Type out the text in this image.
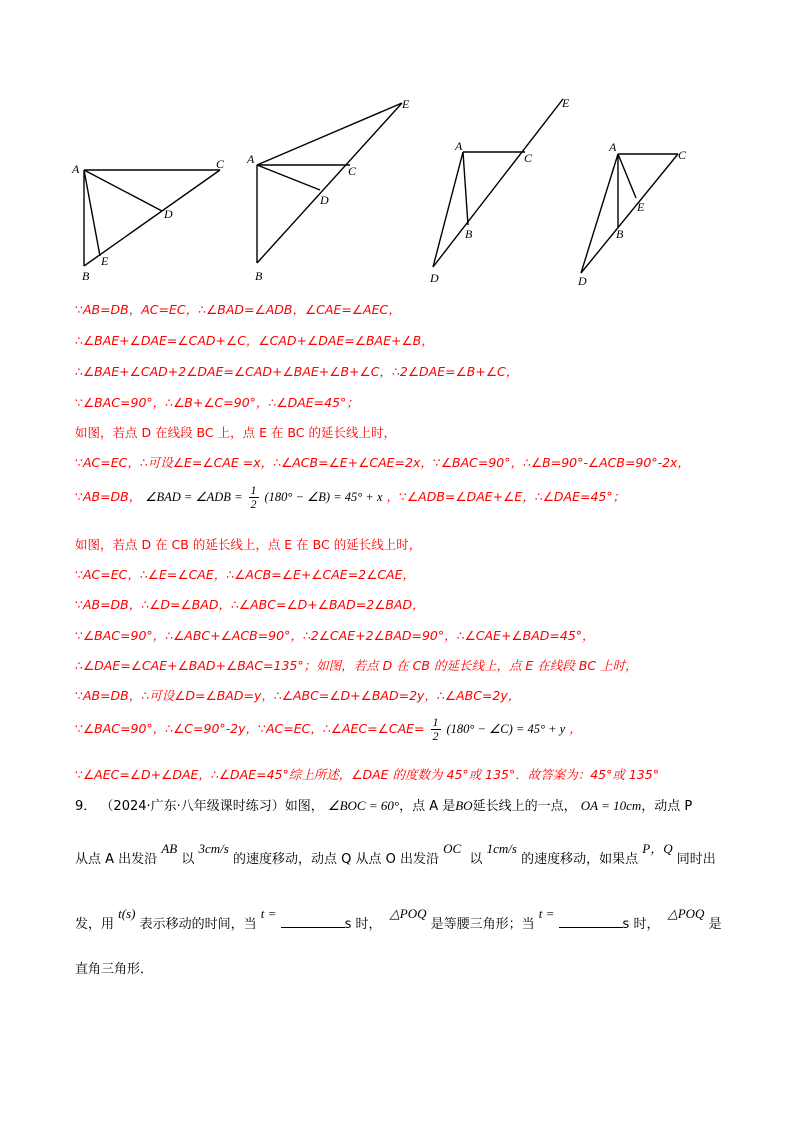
A
B
C
D
E
A
B
C
D
E
A
B
C
D
E
A
B
C
D
E
∵AB=DB，AC=EC，∴∠BAD=∠ADB，∠CAE=∠AEC，
∴∠BAE+∠DAE=∠CAD+∠C，∠CAD+∠DAE=∠BAE+∠B，
∴∠BAE+∠CAD+2∠DAE=∠CAD+∠BAE+∠B+∠C，∴2∠DAE=∠B+∠C，
∵∠BAC=90°，∴∠B+∠C=90°，∴∠DAE=45°；
如图，若点 D 在线段 BC 上，点 E 在 BC 的延长线上时，
∵AC=EC，∴可设∠E=∠CAE =x，∴∠ACB=∠E+∠CAE=2x，∵∠BAC=90°，∴∠B=90°-∠ACB=90°-2x，
∵AB=DB， ∠BAD = ∠ADB = $\frac{1}{2} (180^\circ$ − ∠B) = 45° + x ，∵∠ADB=∠DAE+∠E，∴∠DAE=45°；
如图，若点 D 在 CB 的延长线上，点 E 在 BC 的延长线上时，
∵AC=EC，∴∠E=∠CAE，∴∠ACB=∠E+∠CAE=2∠CAE，
∵AB=DB，∴∠D=∠BAD，∴∠ABC=∠D+∠BAD=2∠BAD，
∵∠BAC=90°，∴∠ABC+∠ACB=90°，∴2∠CAE+2∠BAD=90°，∴∠CAE+∠BAD=45°，
∴∠DAE=∠CAE+∠BAD+∠BAC=135°；如图，若点 D 在 CB 的延长线上，点 E 在线段 BC 上时，
∵AB=DB，∴可设∠D=∠BAD=y，∴∠ABC=∠D+∠BAD=2y，∴∠ABC=2y，
∵∠BAC=90°，∴∠C=90°-2y，∵AC=EC，∴∠AEC=∠CAE= $\frac{1}{2} (180^\circ$ − ∠C) = 45° + y ，
∵∠AEC=∠D+∠DAE，∴∠DAE=45°综上所述，∠DAE 的度数为 45°或 135°．故答案为：45°或 135°
9． （2024·广东·八年级课时练习）如图， ∠BOC = 60°，点 A 是BO延长线上的一点， OA = 10cm，动点 P
从点 A 出发沿 AB 以 3cm/s 的速度移动，动点 Q 从点 O 出发沿 OC  以 1cm/s 的速度移动，如果点 P，Q 同时出
发，用 t(s) 表示移动的时间，当 t = s 时，  △POQ 是等腰三角形；当 t = s 时，  △POQ 是
直角三角形．
